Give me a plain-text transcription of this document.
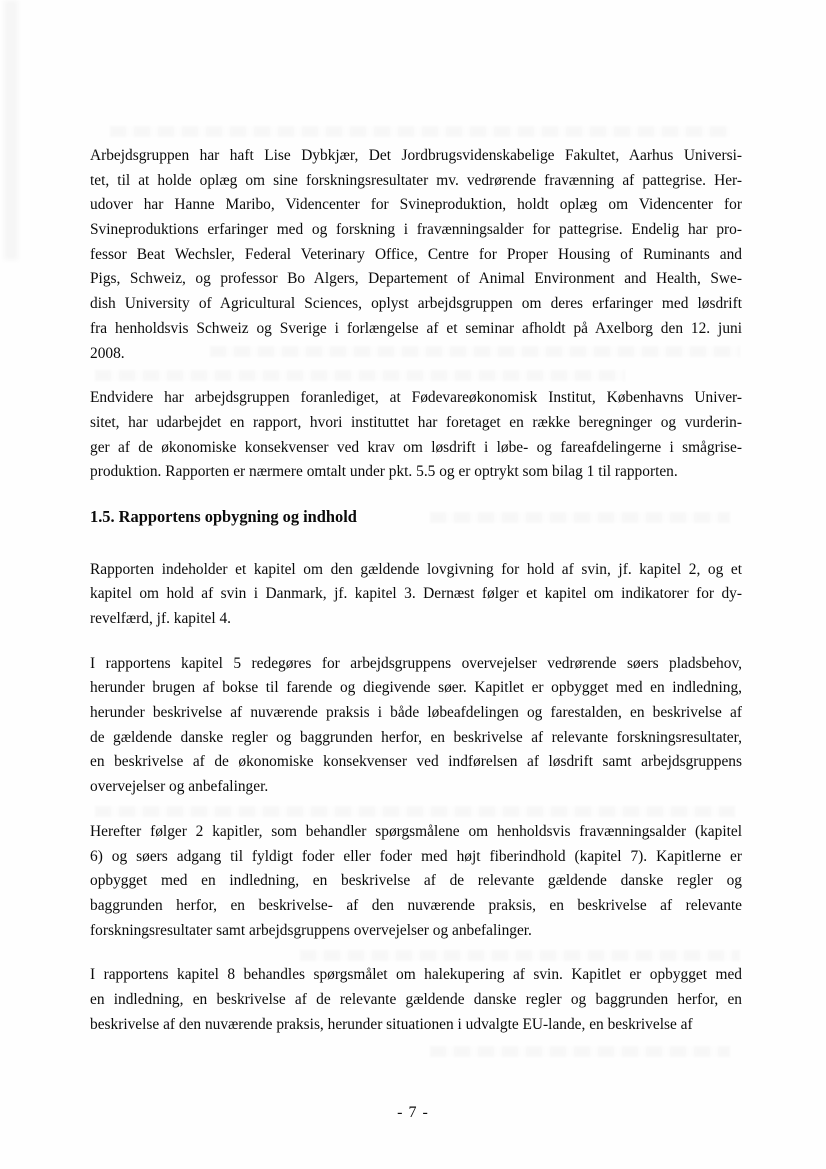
Arbejdsgruppen har haft Lise Dybkjær, Det Jordbrugsvidenskabelige Fakultet, Aarhus Universi-
tet, til at holde oplæg om sine forskningsresultater mv. vedrørende fravænning af pattegrise. Her-
udover har Hanne Maribo, Videncenter for Svineproduktion, holdt oplæg om Videncenter for
Svineproduktions erfaringer med og forskning i fravænningsalder for pattegrise. Endelig har pro-
fessor Beat Wechsler, Federal Veterinary Office, Centre for Proper Housing of Ruminants and
Pigs, Schweiz, og professor Bo Algers, Departement of Animal Environment and Health, Swe-
dish University of Agricultural Sciences, oplyst arbejdsgruppen om deres erfaringer med løsdrift
fra henholdsvis Schweiz og Sverige i forlængelse af et seminar afholdt på Axelborg den 12. juni
2008.
Endvidere har arbejdsgruppen foranlediget, at Fødevareøkonomisk Institut, Københavns Univer-
sitet, har udarbejdet en rapport, hvori instituttet har foretaget en række beregninger og vurderin-
ger af de økonomiske konsekvenser ved krav om løsdrift i løbe- og fareafdelingerne i smågrise-
produktion. Rapporten er nærmere omtalt under pkt. 5.5 og er optrykt som bilag 1 til rapporten.
1.5. Rapportens opbygning og indhold
Rapporten indeholder et kapitel om den gældende lovgivning for hold af svin, jf. kapitel 2, og et
kapitel om hold af svin i Danmark, jf. kapitel 3. Dernæst følger et kapitel om indikatorer for dy-
revelfærd, jf. kapitel 4.
I rapportens kapitel 5 redegøres for arbejdsgruppens overvejelser vedrørende søers pladsbehov,
herunder brugen af bokse til farende og diegivende søer. Kapitlet er opbygget med en indledning,
herunder beskrivelse af nuværende praksis i både løbeafdelingen og farestalden, en beskrivelse af
de gældende danske regler og baggrunden herfor, en beskrivelse af relevante forskningsresultater,
en beskrivelse af de økonomiske konsekvenser ved indførelsen af løsdrift samt arbejdsgruppens
overvejelser og anbefalinger.
Herefter følger 2 kapitler, som behandler spørgsmålene om henholdsvis fravænningsalder (kapitel
6) og søers adgang til fyldigt foder eller foder med højt fiberindhold (kapitel 7). Kapitlerne er
opbygget med en indledning, en beskrivelse af de relevante gældende danske regler og
baggrunden herfor, en beskrivelse- af den nuværende praksis, en beskrivelse af relevante
forskningsresultater samt arbejdsgruppens overvejelser og anbefalinger.
I rapportens kapitel 8 behandles spørgsmålet om halekupering af svin. Kapitlet er opbygget med
en indledning, en beskrivelse af de relevante gældende danske regler og baggrunden herfor, en
beskrivelse af den nuværende praksis, herunder situationen i udvalgte EU-lande, en beskrivelse af
- 7 -
